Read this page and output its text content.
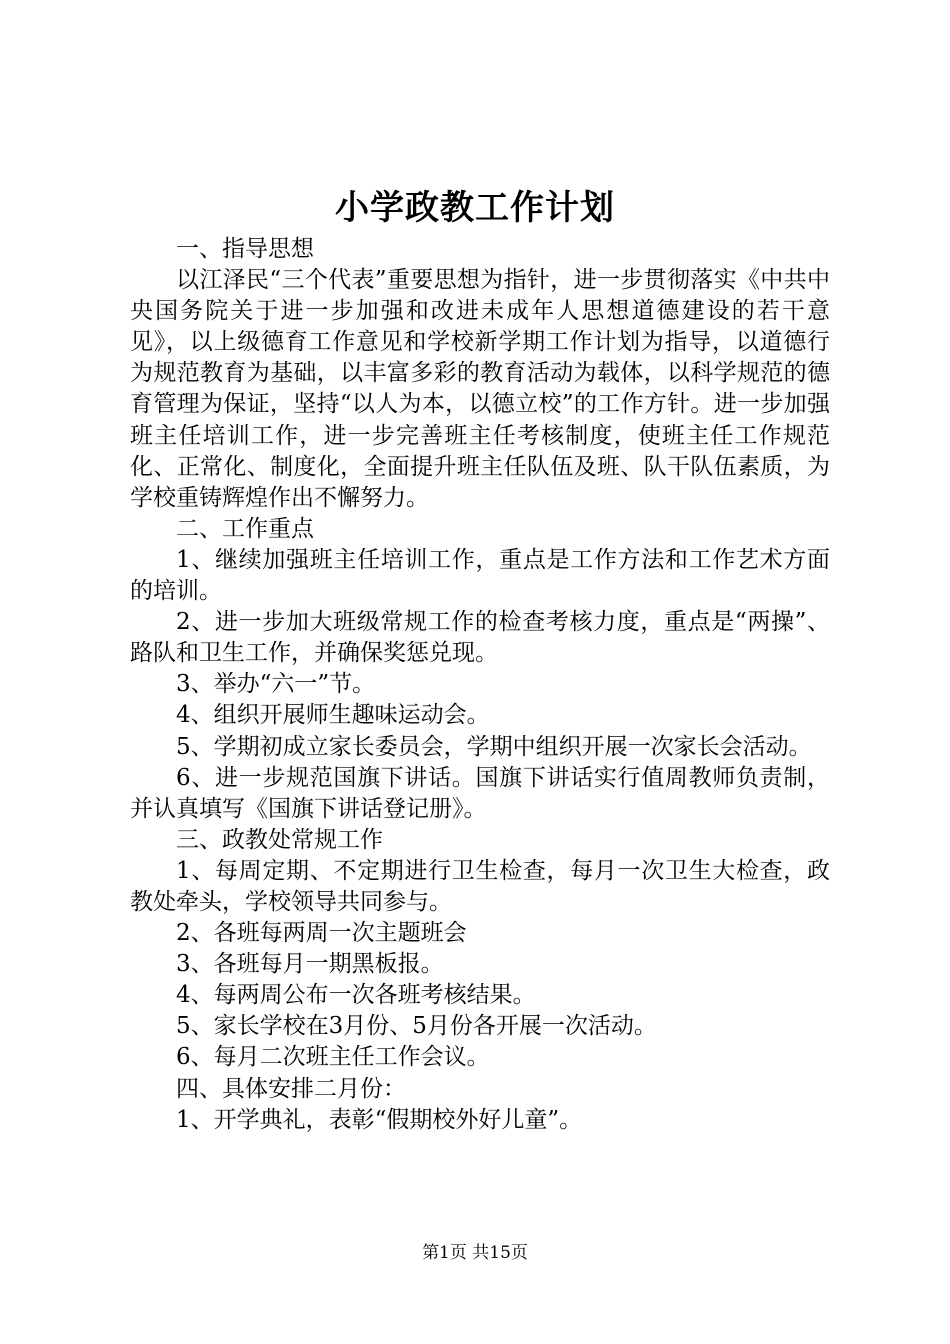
小学政教工作计划

一、指导思想

以江泽民“三个代表”重要思想为指针，进一步贯彻落实《中共中央国务院关于进一步加强和改进未成年人思想道德建设的若干意见》，以上级德育工作意见和学校新学期工作计划为指导，以道德行为规范教育为基础，以丰富多彩的教育活动为载体，以科学规范的德育管理为保证，坚持“以人为本，以德立校”的工作方针。进一步加强班主任培训工作，进一步完善班主任考核制度，使班主任工作规范化、正常化、制度化，全面提升班主任队伍及班、队干队伍素质，为学校重铸辉煌作出不懈努力。

二、工作重点

1、继续加强班主任培训工作，重点是工作方法和工作艺术方面的培训。

2、进一步加大班级常规工作的检查考核力度，重点是“两操”、路队和卫生工作，并确保奖惩兑现。

3、举办“六一”节。

4、组织开展师生趣味运动会。

5、学期初成立家长委员会，学期中组织开展一次家长会活动。

6、进一步规范国旗下讲话。国旗下讲话实行值周教师负责制，并认真填写《国旗下讲话登记册》。

三、政教处常规工作

1、每周定期、不定期进行卫生检查，每月一次卫生大检查，政教处牵头，学校领导共同参与。

2、各班每两周一次主题班会

3、各班每月一期黑板报。

4、每两周公布一次各班考核结果。

5、家长学校在3月份、5月份各开展一次活动。

6、每月二次班主任工作会议。

四、具体安排二月份：

1、开学典礼，表彰“假期校外好儿童”。

第1页 共15页
